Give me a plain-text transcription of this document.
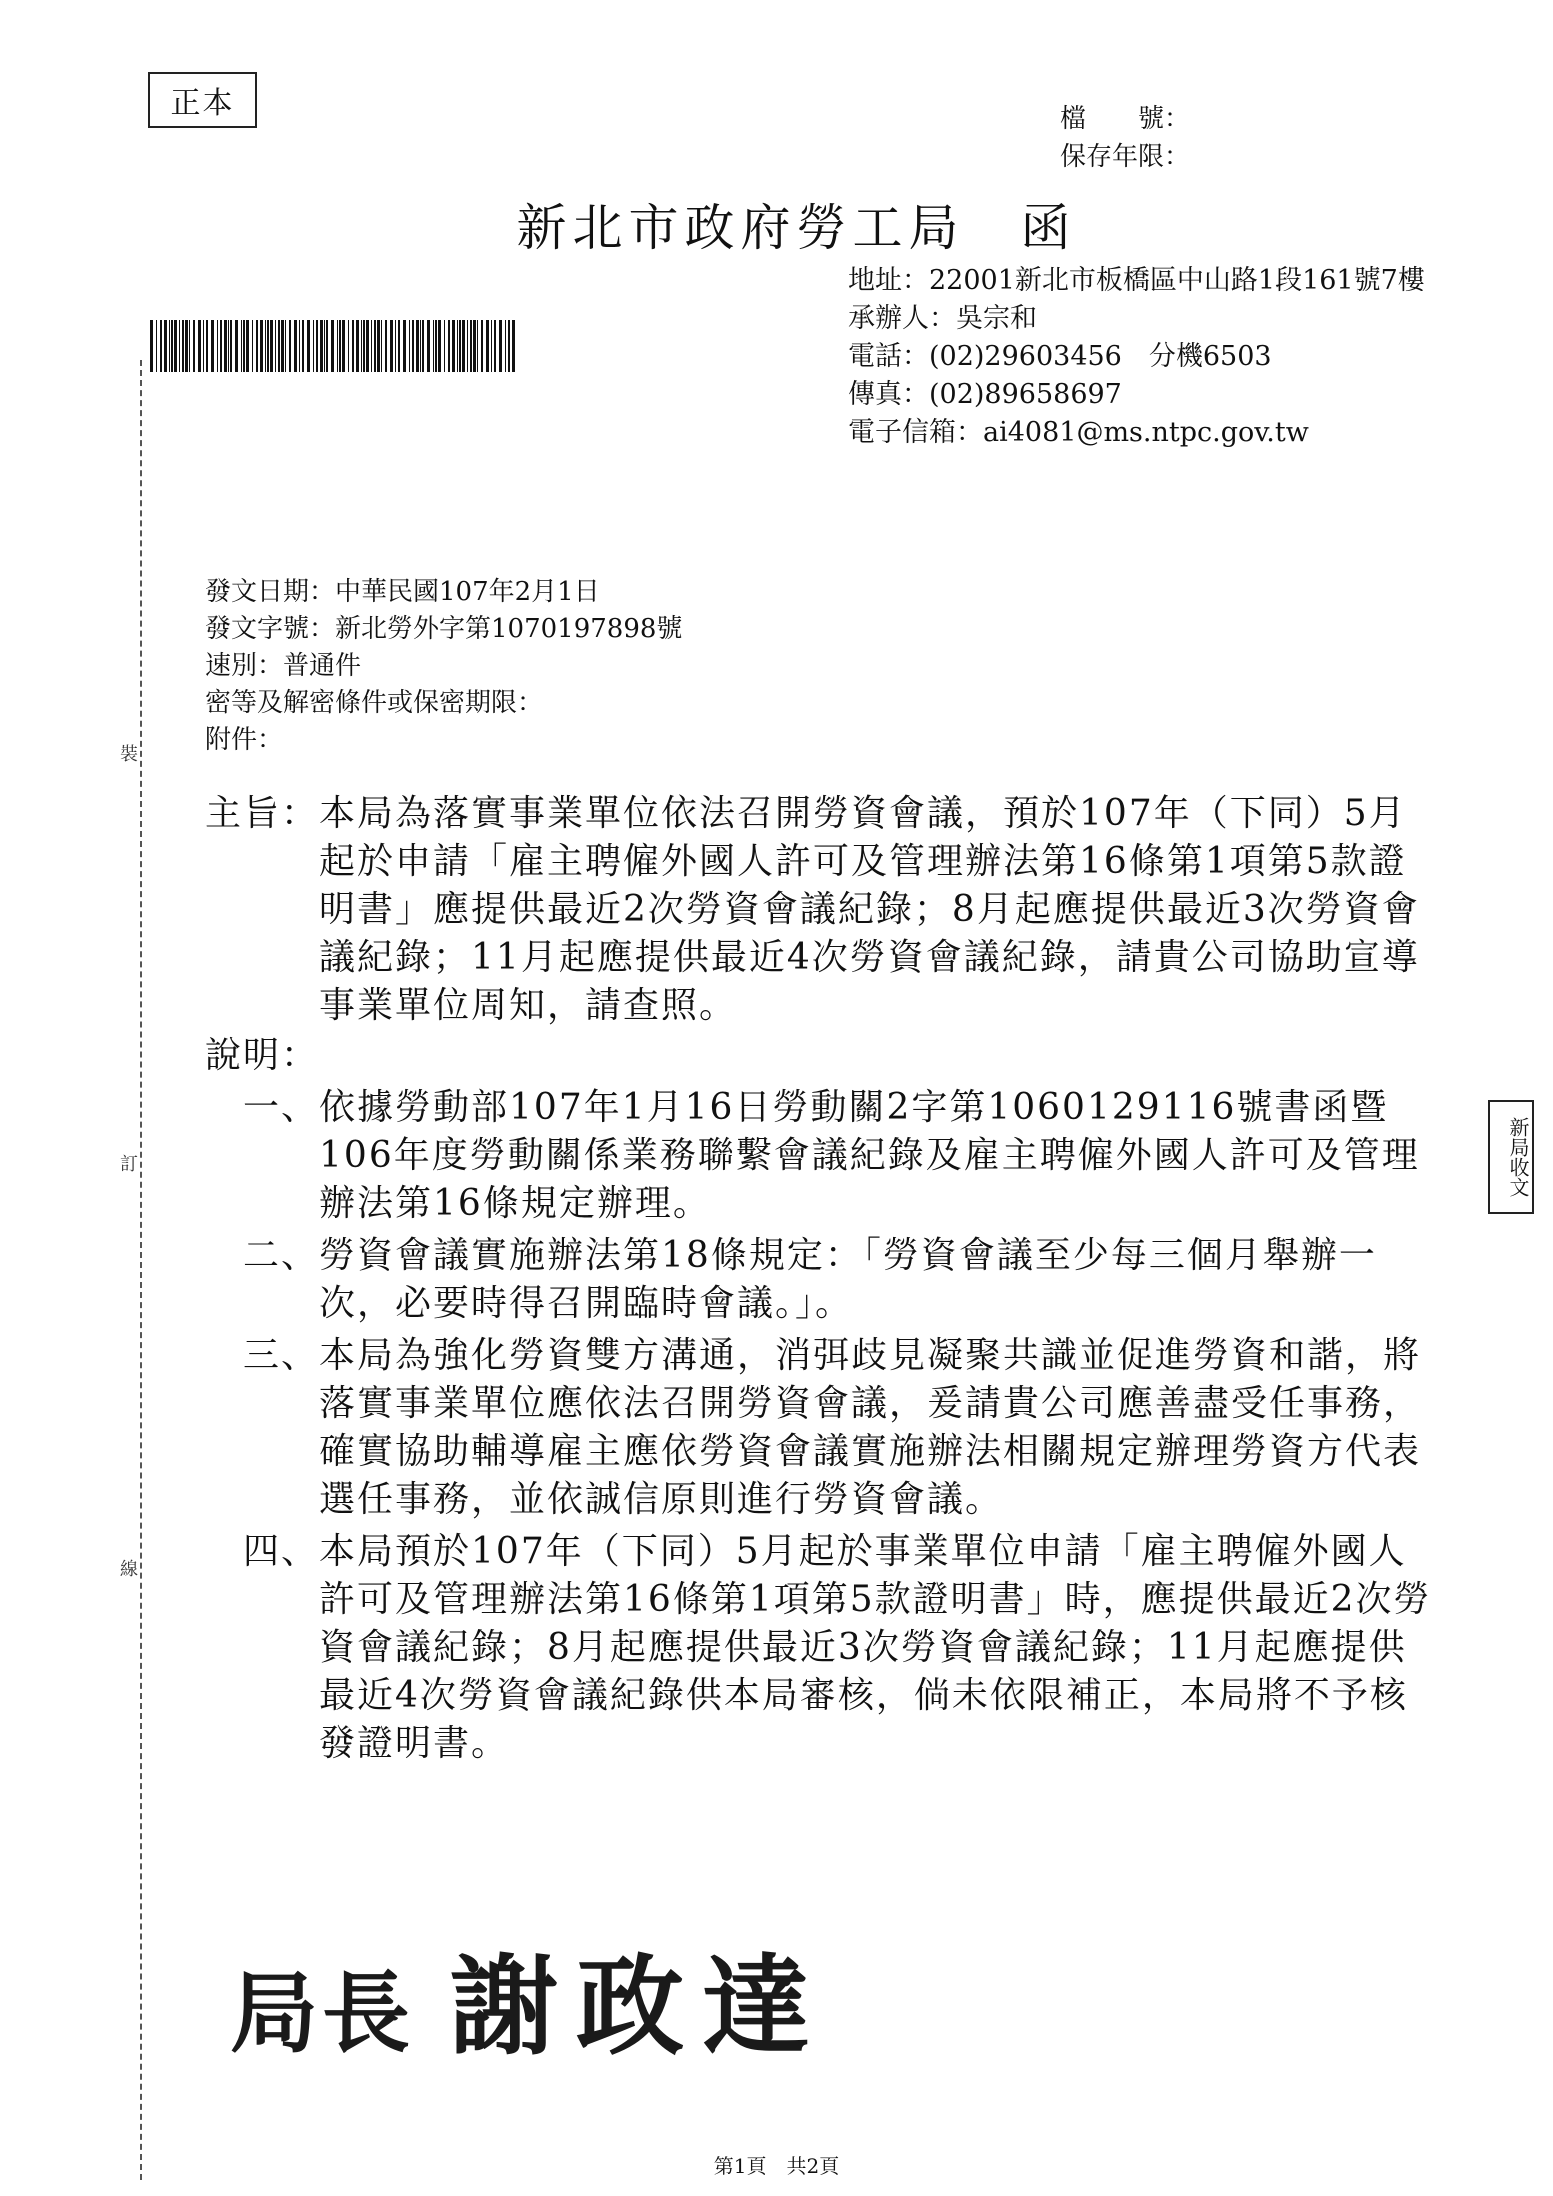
正本	檔　　號：
保存年限：
新北市政府勞工局　函
地址：22001新北市板橋區中山路1段161號7樓
承辦人：吳宗和
電話：(02)29603456　分機6503
傳真：(02)89658697
電子信箱：ai4081@ms.ntpc.gov.tw
裝
訂
線
發文日期：中華民國107年2月1日
發文字號：新北勞外字第1070197898號
速別：普通件
密等及解密條件或保密期限：
附件：
主旨： 本局為落實事業單位依法召開勞資會議，預於107年（下同）5月起於申請「雇主聘僱外國人許可及管理辦法第16條第1項第5款證明書」應提供最近2次勞資會議紀錄；8月起應提供最近3次勞資會議紀錄；11月起應提供最近4次勞資會議紀錄，請貴公司協助宣導事業單位周知，請查照。
說明：
一、 依據勞動部107年1月16日勞動關2字第1060129116號書函暨106年度勞動關係業務聯繫會議紀錄及雇主聘僱外國人許可及管理辦法第16條規定辦理。
二、 勞資會議實施辦法第18條規定：「勞資會議至少每三個月舉辦一次，必要時得召開臨時會議。」。
三、 本局為強化勞資雙方溝通，消弭歧見凝聚共識並促進勞資和諧，將落實事業單位應依法召開勞資會議，爰請貴公司應善盡受任事務，確實協助輔導雇主應依勞資會議實施辦法相關規定辦理勞資方代表選任事務，並依誠信原則進行勞資會議。
四、 本局預於107年（下同）5月起於事業單位申請「雇主聘僱外國人許可及管理辦法第16條第1項第5款證明書」時，應提供最近2次勞資會議紀錄；8月起應提供最近3次勞資會議紀錄；11月起應提供最近4次勞資會議紀錄供本局審核，倘未依限補正，本局將不予核發證明書。
新局收文
局長 謝政達
第1頁　共2頁
